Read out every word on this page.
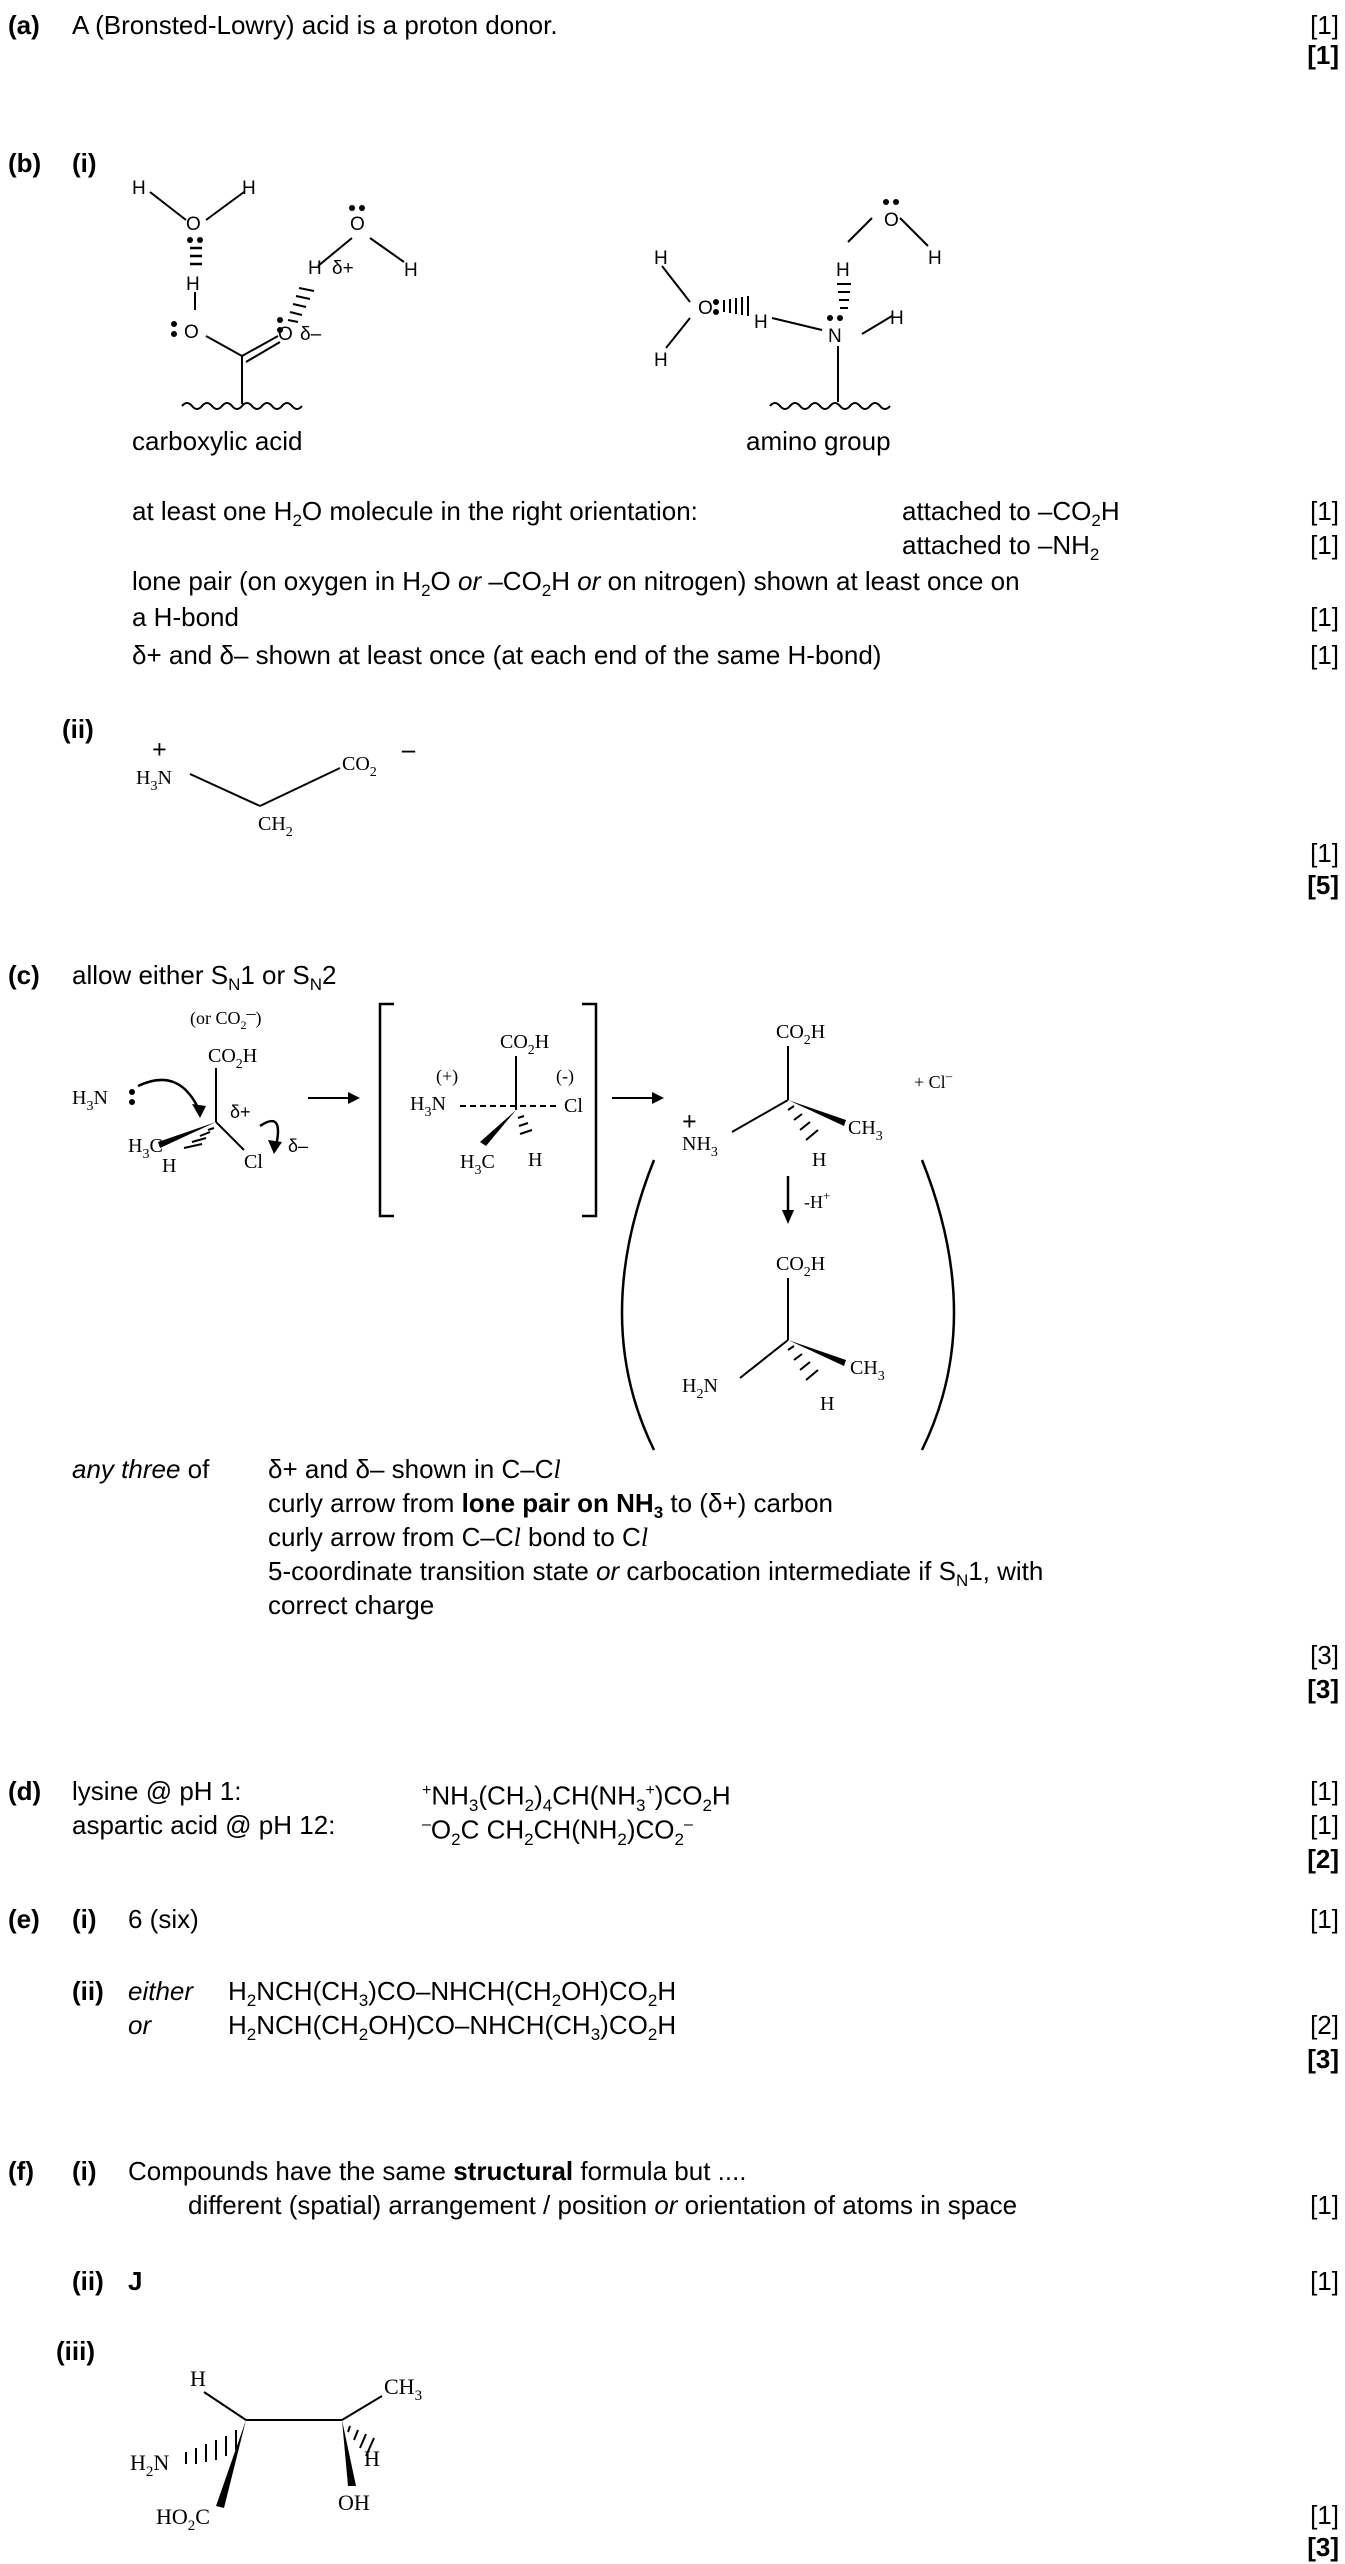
(a) A (Bronsted-Lowry) acid is a proton donor.	[1]
[1]
(b) (i)
H	H
O
H
O	O
O
H
H δ+
δ–
carboxylic acid
H
H
O
H
N
H
H
O
H
amino group
at least one $H_2O$ molecule in the right orientation:	attached to $-CO_2H$	[1]
attached to $-NH_2$	[1]
lone pair (on oxygen in $H_2O$ or $-CO_2H$ or on nitrogen) shown at least once on
a H-bond	[1]
δ+ and δ– shown at least once (at each end of the same H-bond)	[1]
(ii)
+
$H_3N$
$CH_2$
$CO_2$
–
[1]
[5]
(c) allow either $S_N1$ or $S_N2$
(or $CO_2-$)
$CO_2H$
$H_3N$
$H_3C$
H
δ+
Cl
δ–
$CO_2H$
(+)	(-)
$H_3N$	Cl
$H_3C$ H
$CO_2H$
+
$NH_3$
$CH_3$
H
+ Cl–
-H+
$CO_2H$
$H_2N$
$CH_3$
H
any three of δ+ and δ– shown in C–Cl
curly arrow from lone pair on $NH_3$ to (δ+) carbon
curly arrow from C–Cl bond to Cl
5-coordinate transition state or carbocation intermediate if $S_N1$, with
correct charge
[3]
[3]
(d) lysine @ pH 1:	$^+NH_3(CH_2)_4CH(NH_3^+)CO_2H$	[1]
aspartic acid @ pH 12:	$^-O_2C$ $CH_2CH(NH_2)CO_2^-$	[1]
[2]
(e) (i) 6 (six)	[1]
(ii) either $H_2NCH(CH_3)CO-NHCH(CH_2OH)CO_2H$
or	$H_2NCH(CH_2OH)CO-NHCH(CH_3)CO_2H$	[2]
[3]
(f) (i) Compounds have the same structural formula but ....
different (spatial) arrangement / position or orientation of atoms in space	[1]
(ii) J	[1]
(iii)
H
$H_2N$
$HO_2C$
$CH_3$
OH
H
[1]
[3]
